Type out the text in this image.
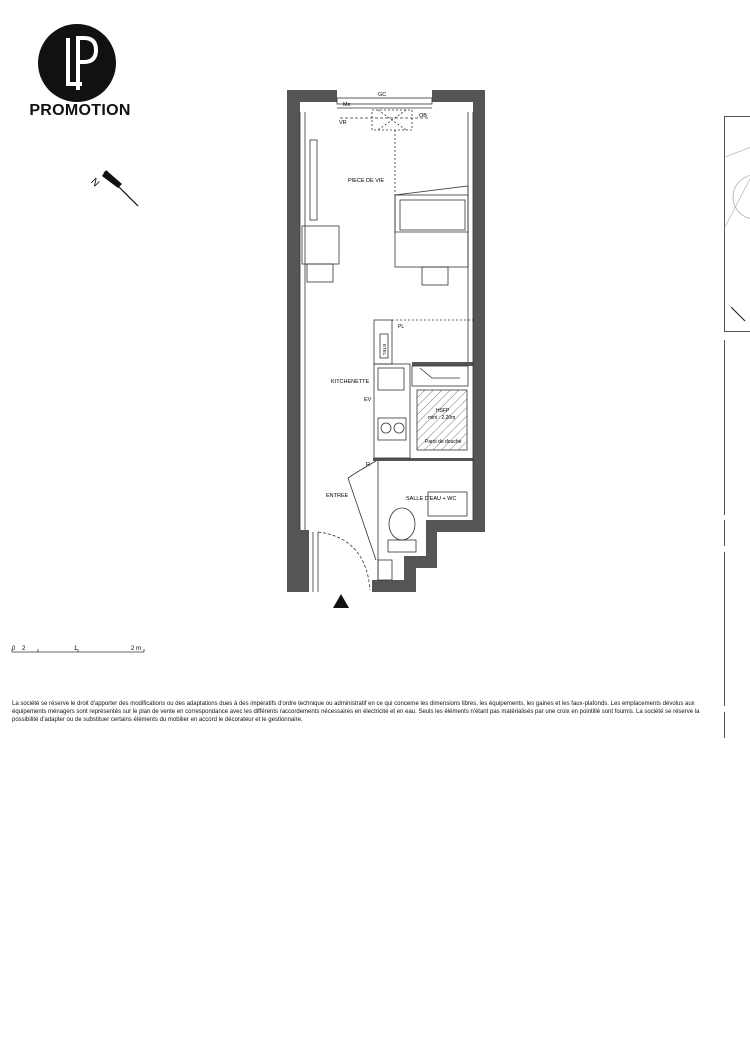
PROMOTION
N
GC
Me
VR
OB
PIECE DE VIE
PL
ETEL
KITCHENETTE
EV
R
HSFP
mini : 2.20m
Paroi de douche
SALLE D'EAU + WC
ENTREE
0 2	1	2 m
La société se réserve le droit d'apporter des modifications ou des adaptations dues à des impératifs d'ordre technique ou administratif en ce qui concerne les dimensions libres, les équipements, les gaines et les faux-plafonds. Les emplacements dévolus aux équipements ménagers sont représentés sur le plan de vente en correspondance avec les différents raccordements nécessaires en électricité et en eau. Seuls les éléments n'étant pas matérialisés par une croix en pointillé sont fournis. La société se réserve la possibilité d'adapter ou de substituer certains éléments du mobilier en accord le décorateur et le gestionnaire.
